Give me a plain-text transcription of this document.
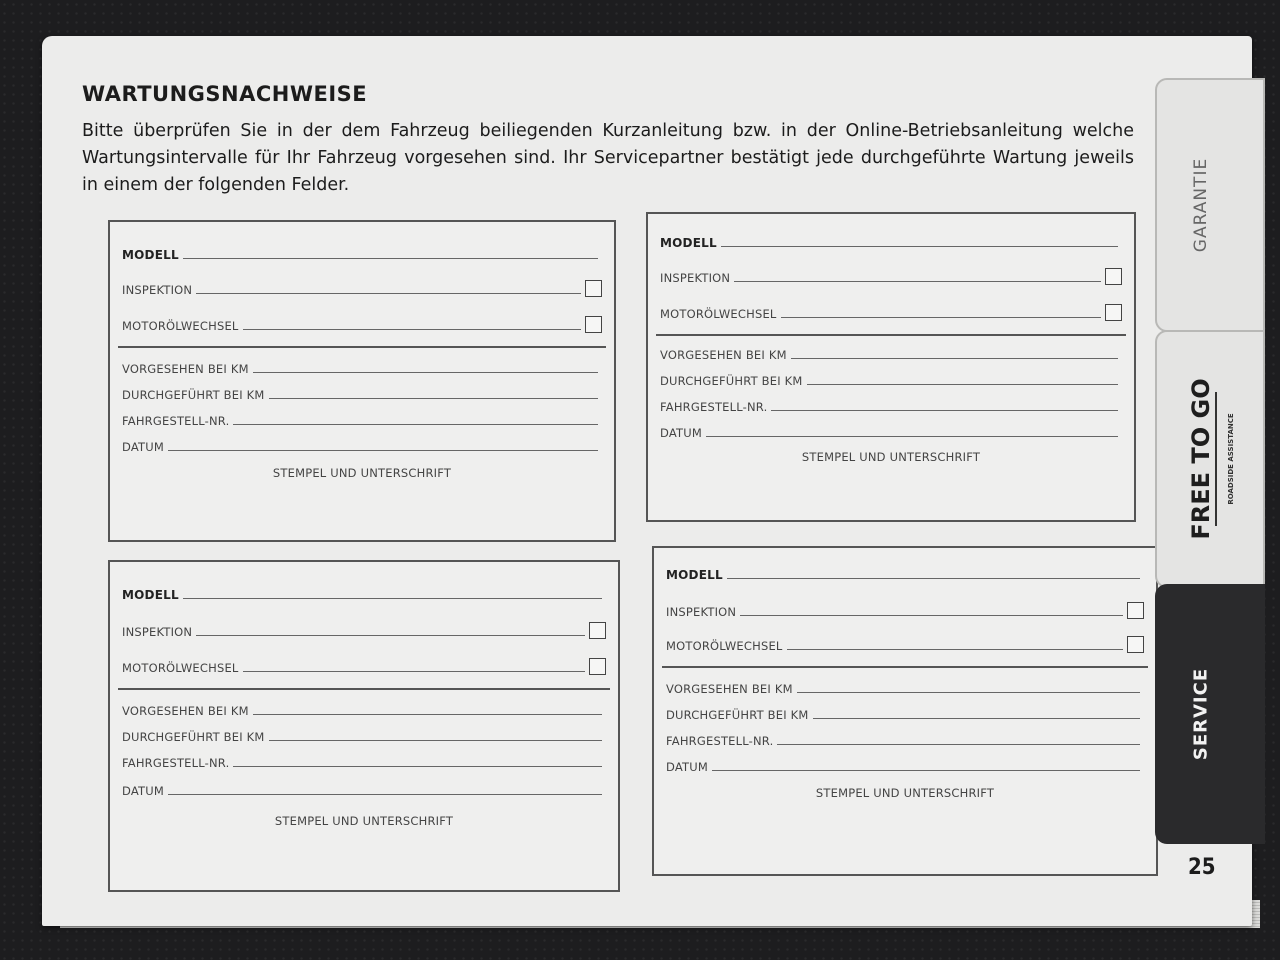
WARTUNGSNACHWEISE

Bitte überprüfen Sie in der dem Fahrzeug beiliegenden Kurzanleitung bzw. in der Online-Betriebsanleitung welche Wartungsintervalle für Ihr Fahrzeug vorgesehen sind. Ihr Servicepartner bestätigt jede durchgeführte Wartung jeweils in einem der folgenden Felder.

MODELL
INSPEKTION
MOTORÖLWECHSEL
VORGESEHEN BEI KM
DURCHGEFÜHRT BEI KM
FAHRGESTELL-NR.
DATUM
STEMPEL UND UNTERSCHRIFT
MODELL
INSPEKTION
MOTORÖLWECHSEL
VORGESEHEN BEI KM
DURCHGEFÜHRT BEI KM
FAHRGESTELL-NR.
DATUM
STEMPEL UND UNTERSCHRIFT
MODELL
INSPEKTION
MOTORÖLWECHSEL
VORGESEHEN BEI KM
DURCHGEFÜHRT BEI KM
FAHRGESTELL-NR.
DATUM
STEMPEL UND UNTERSCHRIFT
MODELL
INSPEKTION
MOTORÖLWECHSEL
VORGESEHEN BEI KM
DURCHGEFÜHRT BEI KM
FAHRGESTELL-NR.
DATUM
STEMPEL UND UNTERSCHRIFT
GARANTIE
FREE TO GO ROADSIDE ASSISTANCE
SERVICE
25
